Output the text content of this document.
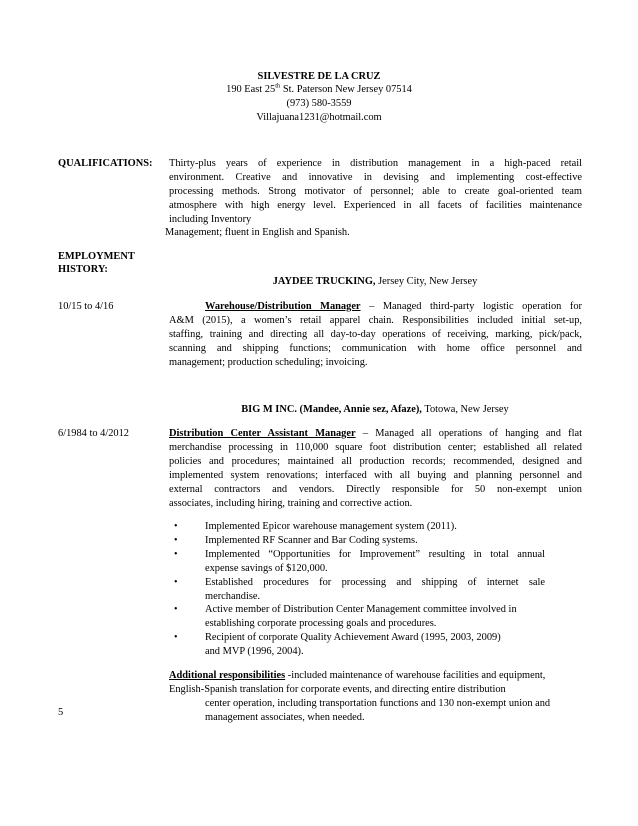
SILVESTRE DE LA CRUZ
190 East 25th St. Paterson New Jersey 07514
(973) 580-3559
Villajuana1231@hotmail.com
QUALIFICATIONS: Thirty-plus years of experience in distribution management in a high-paced retail
environment. Creative and innovative in devising and implementing cost-effective
processing methods. Strong motivator of personnel; able to create goal-oriented team
atmosphere with high energy level. Experienced in all facets of facilities maintenance
including Inventory
Management; fluent in English and Spanish.
EMPLOYMENT
HISTORY:
JAYDEE TRUCKING, Jersey City, New Jersey
10/15 to 4/16	Warehouse/Distribution Manager – Managed third-party logistic operation for
A&M (2015), a women’s retail apparel chain. Responsibilities included initial set-up,
staffing, training and directing all day-to-day operations of receiving, marking, pick/pack,
scanning and shipping functions; communication with home office personnel and
management; production scheduling; invoicing.
BIG M INC. (Mandee, Annie sez, Afaze), Totowa, New Jersey
6/1984 to 4/2012	Distribution Center Assistant Manager – Managed all operations of hanging and flat
merchandise processing in 110,000 square foot distribution center; established all related
policies and procedures; maintained all production records; recommended, designed and
implemented system renovations; interfaced with all buying and planning personnel and
external contractors and vendors. Directly responsible for 50 non-exempt union
associates, including hiring, training and corrective action.
•	Implemented Epicor warehouse management system (2011).
•	Implemented RF Scanner and Bar Coding systems.
•	Implemented “Opportunities for Improvement” resulting in total annual
expense savings of $120,000.
•	Established procedures for processing and shipping of internet sale
merchandise.
•	Active member of Distribution Center Management committee involved in
establishing corporate processing goals and procedures.
•	Recipient of corporate Quality Achievement Award (1995, 2003, 2009)
and MVP (1996, 2004).
Additional responsibilities -included maintenance of warehouse facilities and equipment,
English-Spanish translation for corporate events, and directing entire distribution
center operation, including transportation functions and 130 non-exempt union and
management associates, when needed.
5
